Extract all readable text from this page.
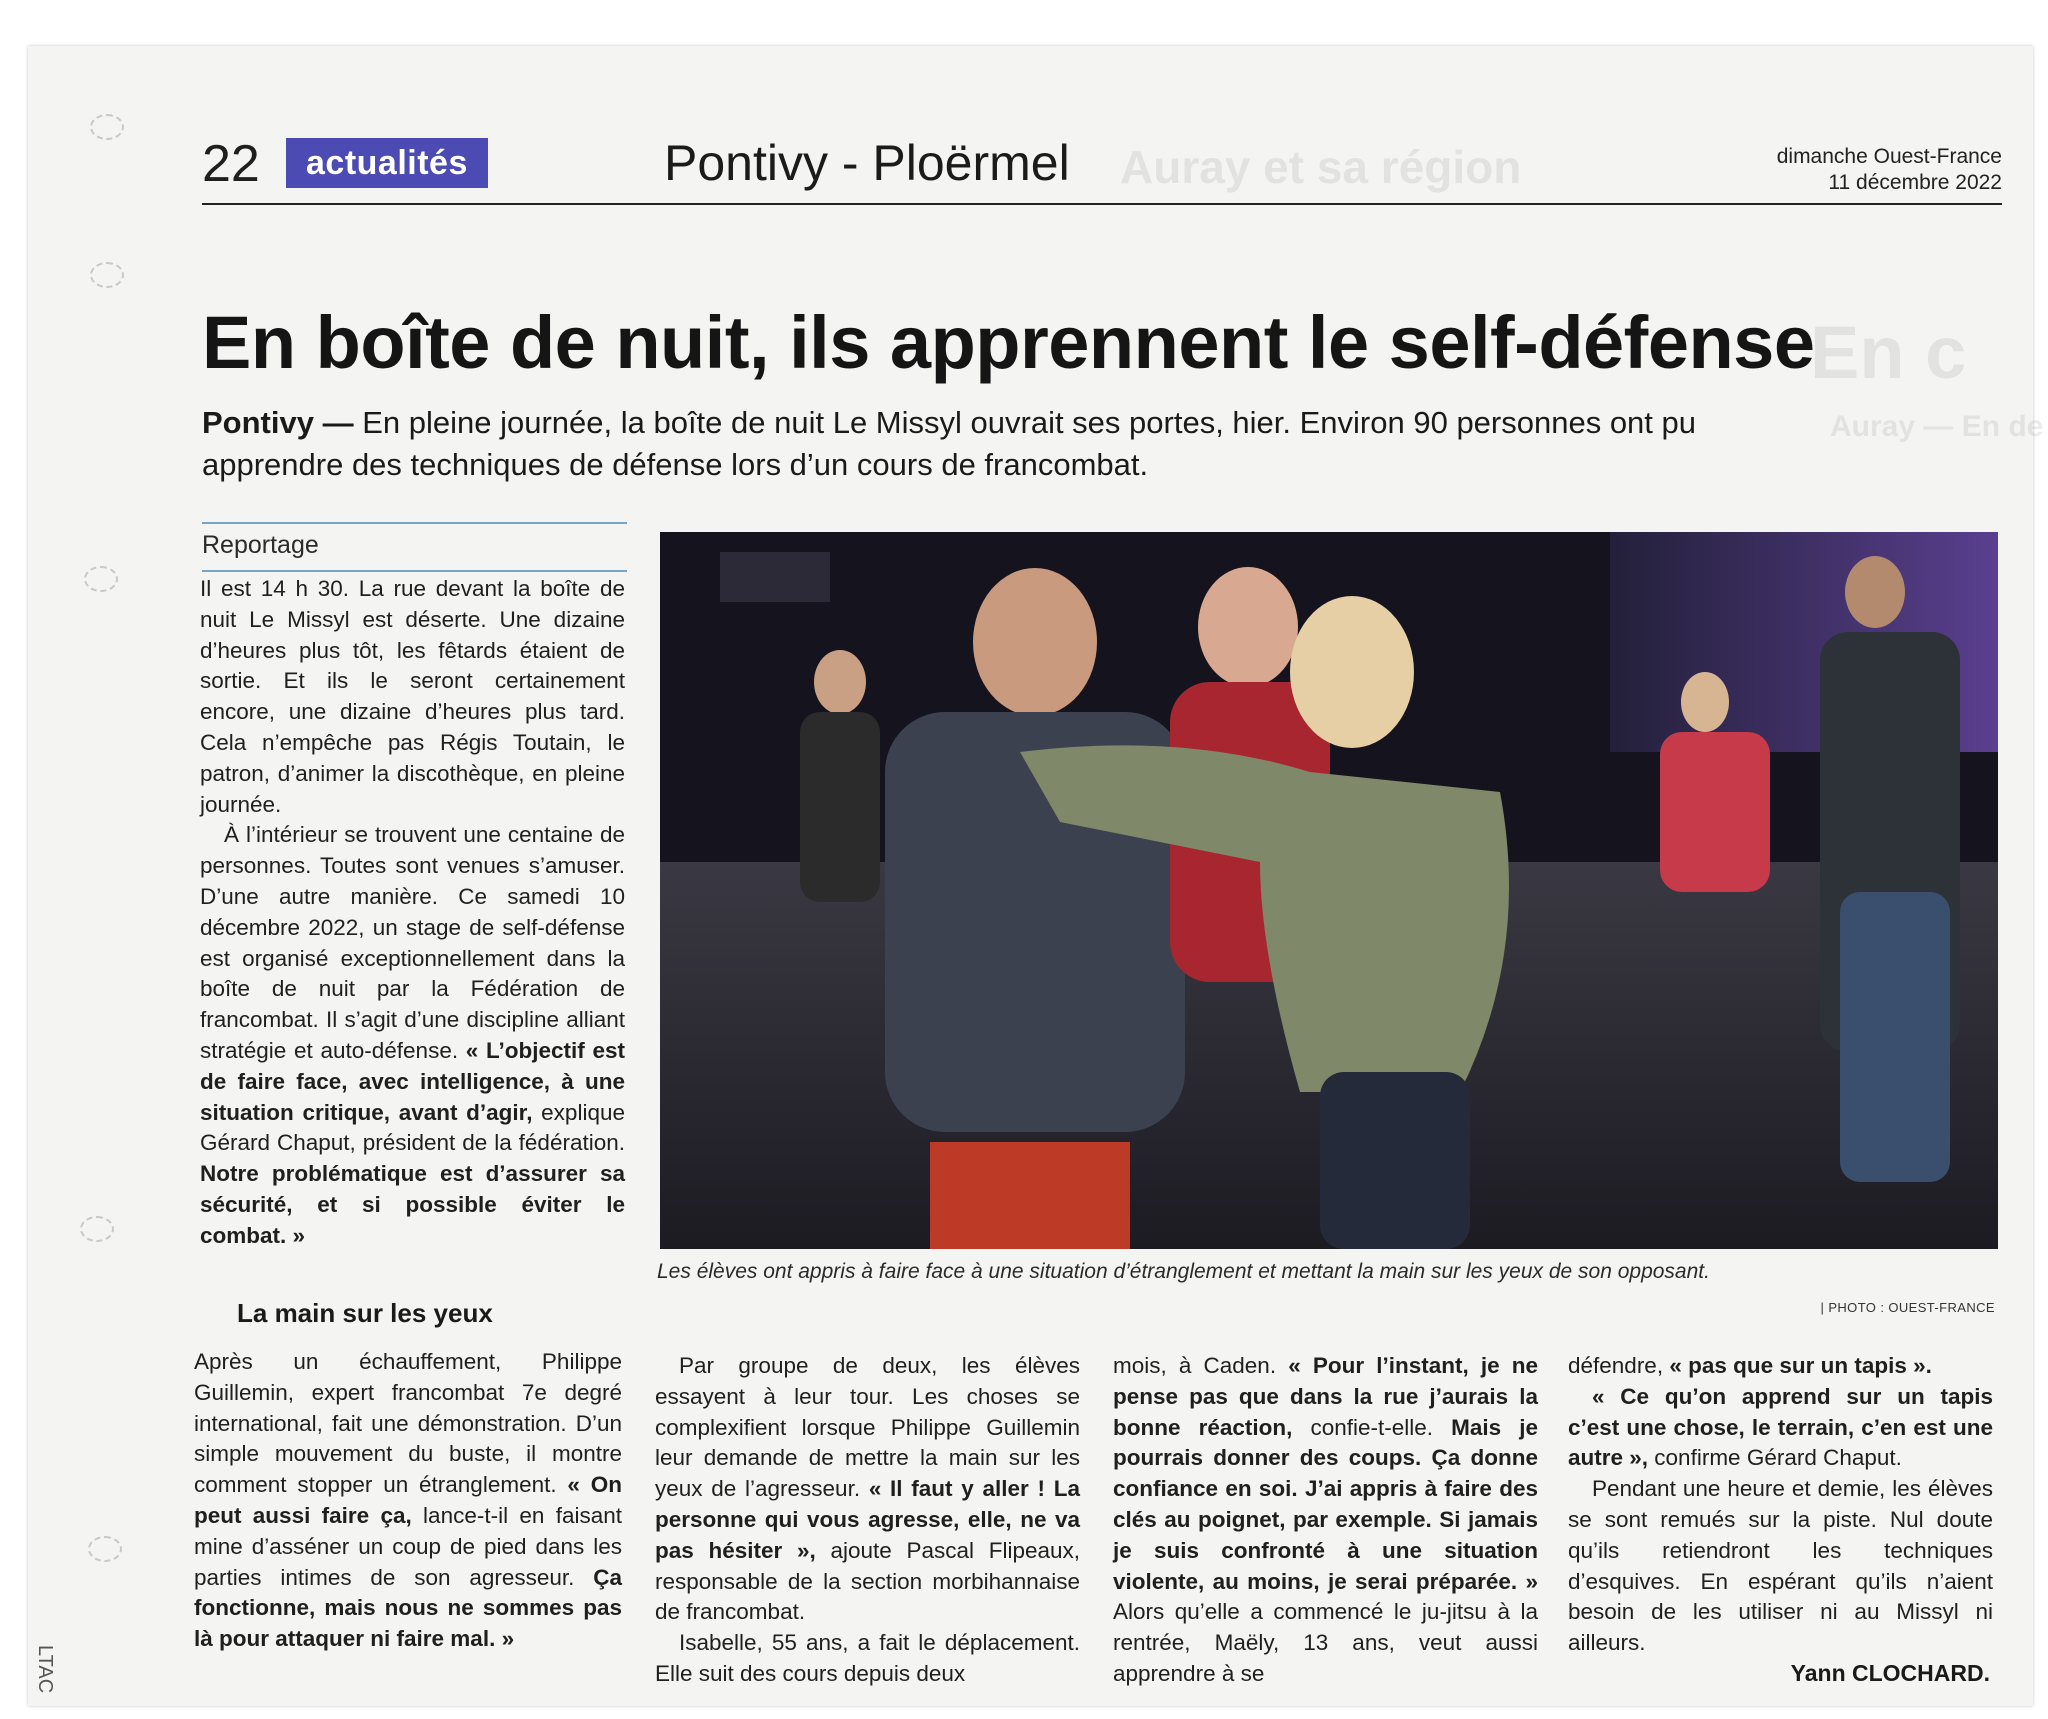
22	actualités	Pontivy - Ploërmel	dimanche Ouest-France
11 décembre 2022
En boîte de nuit, ils apprennent le self-défense

Pontivy — En pleine journée, la boîte de nuit Le Missyl ouvrait ses portes, hier. Environ 90 personnes ont pu apprendre des techniques de défense lors d’un cours de francombat.

Reportage

Il est 14 h 30. La rue devant la boîte de nuit Le Missyl est déserte. Une dizaine d’heures plus tôt, les fêtards étaient de sortie. Et ils le seront certainement encore, une dizaine d’heures plus tard. Cela n’empêche pas Régis Toutain, le patron, d’animer la discothèque, en pleine journée.

À l’intérieur se trouvent une centaine de personnes. Toutes sont venues s’amuser. D’une autre manière. Ce samedi 10 décembre 2022, un stage de self-défense est organisé exceptionnellement dans la boîte de nuit par la Fédération de francombat. Il s’agit d’une discipline alliant stratégie et auto-défense. « L’objectif est de faire face, avec intelligence, à une situation critique, avant d’agir, explique Gérard Chaput, président de la fédération. Notre problématique est d’assurer sa sécurité, et si possible éviter le combat. »

La main sur les yeux

Après un échauffement, Philippe Guillemin, expert francombat 7e degré international, fait une démonstration. D’un simple mouvement du buste, il montre comment stopper un étranglement. « On peut aussi faire ça, lance-t-il en faisant mine d’asséner un coup de pied dans les parties intimes de son agresseur. Ça fonctionne, mais nous ne sommes pas là pour attaquer ni faire mal. »

Par groupe de deux, les élèves essayent à leur tour. Les choses se complexifient lorsque Philippe Guillemin leur demande de mettre la main sur les yeux de l’agresseur. « Il faut y aller ! La personne qui vous agresse, elle, ne va pas hésiter », ajoute Pascal Flipeaux, responsable de la section morbihannaise de francombat.

Isabelle, 55 ans, a fait le déplacement. Elle suit des cours depuis deux

mois, à Caden. « Pour l’instant, je ne pense pas que dans la rue j’aurais la bonne réaction, confie-t-elle. Mais je pourrais donner des coups. Ça donne confiance en soi. J’ai appris à faire des clés au poignet, par exemple. Si jamais je suis confronté à une situation violente, au moins, je serai préparée. » Alors qu’elle a commencé le ju-jitsu à la rentrée, Maëly, 13 ans, veut aussi apprendre à se

défendre, « pas que sur un tapis ».

« Ce qu’on apprend sur un tapis c’est une chose, le terrain, c’en est une autre », confirme Gérard Chaput.

Pendant une heure et demie, les élèves se sont remués sur la piste. Nul doute qu’ils retiendront les techniques d’esquives. En espérant qu’ils n’aient besoin de les utiliser ni au Missyl ni ailleurs.

Yann CLOCHARD.
Les élèves ont appris à faire face à une situation d’étranglement et mettant la main sur les yeux de son opposant.
| PHOTO : OUEST-FRANCE
LTAC
